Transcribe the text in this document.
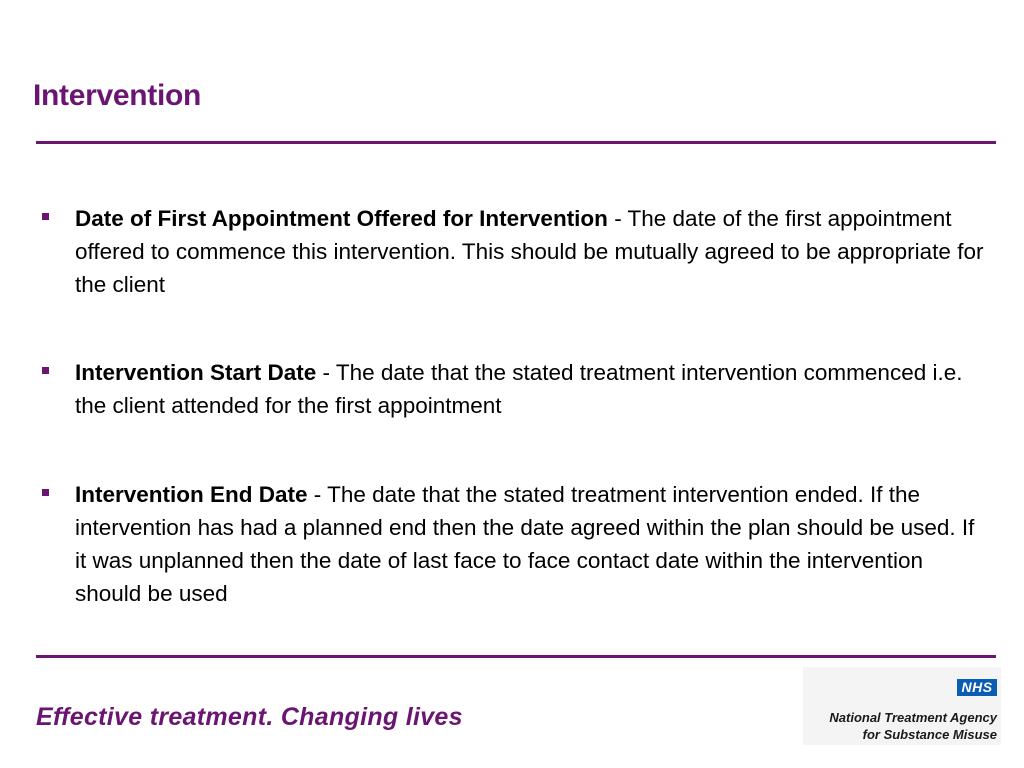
Intervention
Date of First Appointment Offered for Intervention - The date of the first appointment offered to commence this intervention. This should be mutually agreed to be appropriate for the client
Intervention Start Date - The date that the stated treatment intervention commenced i.e. the client attended for the first appointment
Intervention End Date - The date that the stated treatment intervention ended. If the intervention has had a planned end then the date agreed within the plan should be used. If it was unplanned then the date of last face to face contact date within the intervention should be used

Effective treatment. Changing lives

NHS
National Treatment Agency
for Substance Misuse
